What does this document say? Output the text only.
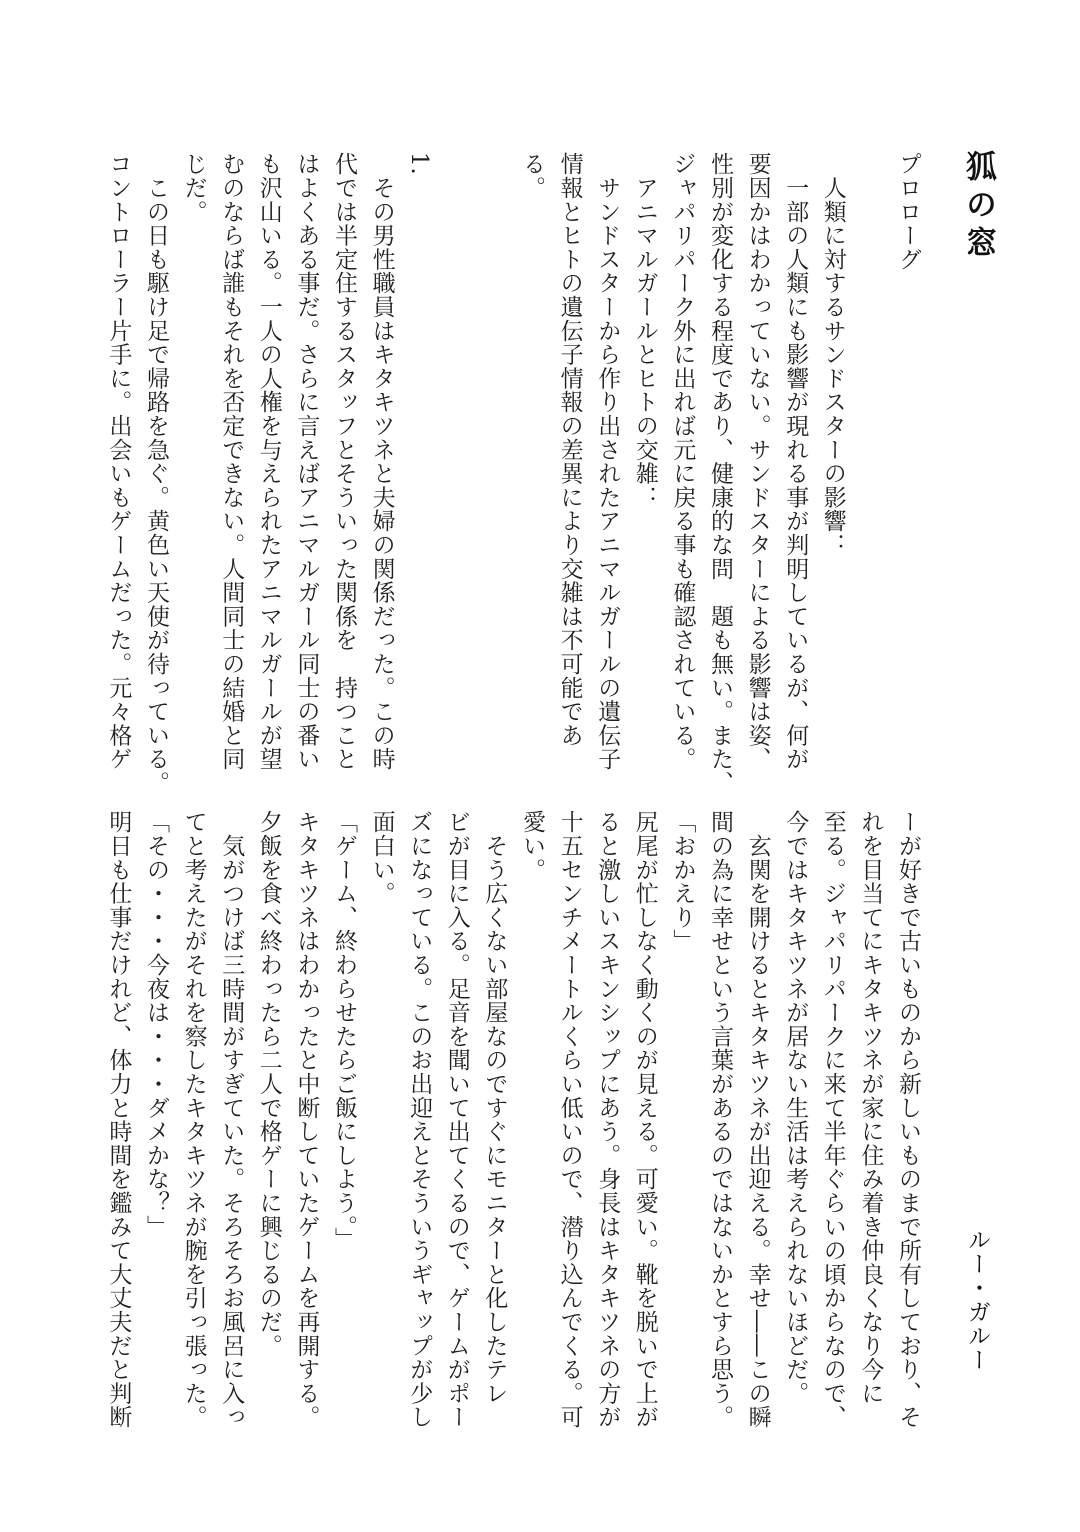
狐の窓
ルー・ガルー
プロローグ
　人類に対するサンドスターの影響：
　一部の人類にも影響が現れる事が判明しているが、何が
要因かはわかっていない。サンドスターによる影響は姿、
性別が変化する程度であり、健康的な問　題も無い。また、
ジャパリパーク外に出れば元に戻る事も確認されている。
　アニマルガールとヒトの交雑：
　サンドスターから作り出されたアニマルガールの遺伝子
情報とヒトの遺伝子情報の差異により交雑は不可能であ
る。
1.
　その男性職員はキタキツネと夫婦の関係だった。この時
代では半定住するスタッフとそういった関係を　持つこと
はよくある事だ。さらに言えばアニマルガール同士の番い
も沢山いる。一人の人権を与えられたアニマルガールが望
むのならば誰もそれを否定できない。人間同士の結婚と同
じだ。
　この日も駆け足で帰路を急ぐ。黄色い天使が待っている。
コントローラー片手に。出会いもゲームだった。元々格ゲ
ーが好きで古いものから新しいものまで所有しており、そ
れを目当てにキタキツネが家に住み着き仲良くなり今に
至る。ジャパリパークに来て半年ぐらいの頃からなので、
今ではキタキツネが居ない生活は考えられないほどだ。
　玄関を開けるとキタキツネが出迎える。幸せ――この瞬
間の為に幸せという言葉があるのではないかとすら思う。
「おかえり」
尻尾が忙しなく動くのが見える。可愛い。靴を脱いで上が
ると激しいスキンシップにあう。身長はキタキツネの方が
十五センチメートルくらい低いので、潜り込んでくる。可
愛い。
　そう広くない部屋なのですぐにモニターと化したテレ
ビが目に入る。足音を聞いて出てくるので、ゲームがポー
ズになっている。このお出迎えとそういうギャップが少し
面白い。
「ゲーム、終わらせたらご飯にしよう。」
キタキツネはわかったと中断していたゲームを再開する。
夕飯を食べ終わったら二人で格ゲーに興じるのだ。
　気がつけば三時間がすぎていた。そろそろお風呂に入っ
てと考えたがそれを察したキタキツネが腕を引っ張った。
「その・・・今夜は・・・ダメかな？」
明日も仕事だけれど、体力と時間を鑑みて大丈夫だと判断
